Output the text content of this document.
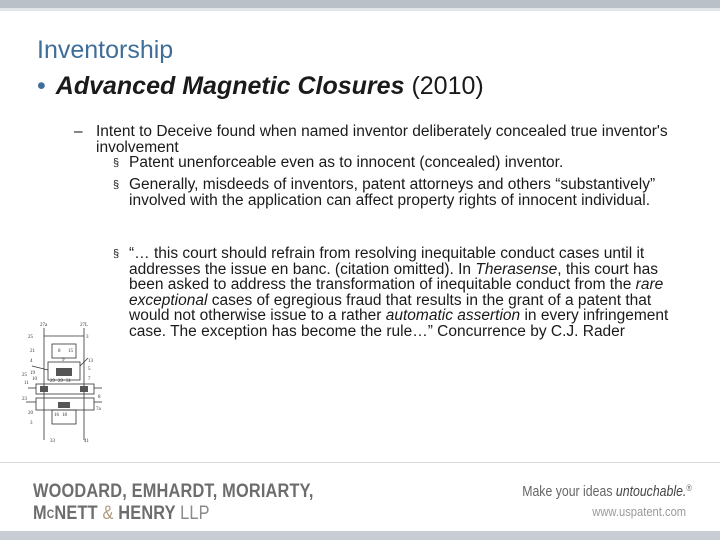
Inventorship
• Advanced Magnetic Closures (2010)
– Intent to Deceive found when named inventor deliberately concealed true inventor's involvement
§ Patent unenforceable even as to innocent (concealed) inventor.
§ Generally, misdeeds of inventors, patent attorneys and others “substantively” involved with the application can affect property rights of innocent individual.
§ “… this court should refrain from resolving inequitable conduct cases until it addresses the issue en banc. (citation omitted). In Therasense, this court has been asked to address the transformation of inequitable conduct from the rare exceptional cases of egregious fraud that results in the grant of a patent that would not otherwise issue to a rather automatic assertion in every infringement case. The exception has become the rule…” Concurrence by C.J. Rader
27a	27L
25	3
21	8 15
4	9	13
5
19
10	31	7
25
11	29 29
23	8
16 18
20
3
33	41
7a
WOODARD, EMHARDT, MORIARTY,
$M^CNETT$ & HENRY LLP
Make your ideas untouchable.®
www.uspatent.com
